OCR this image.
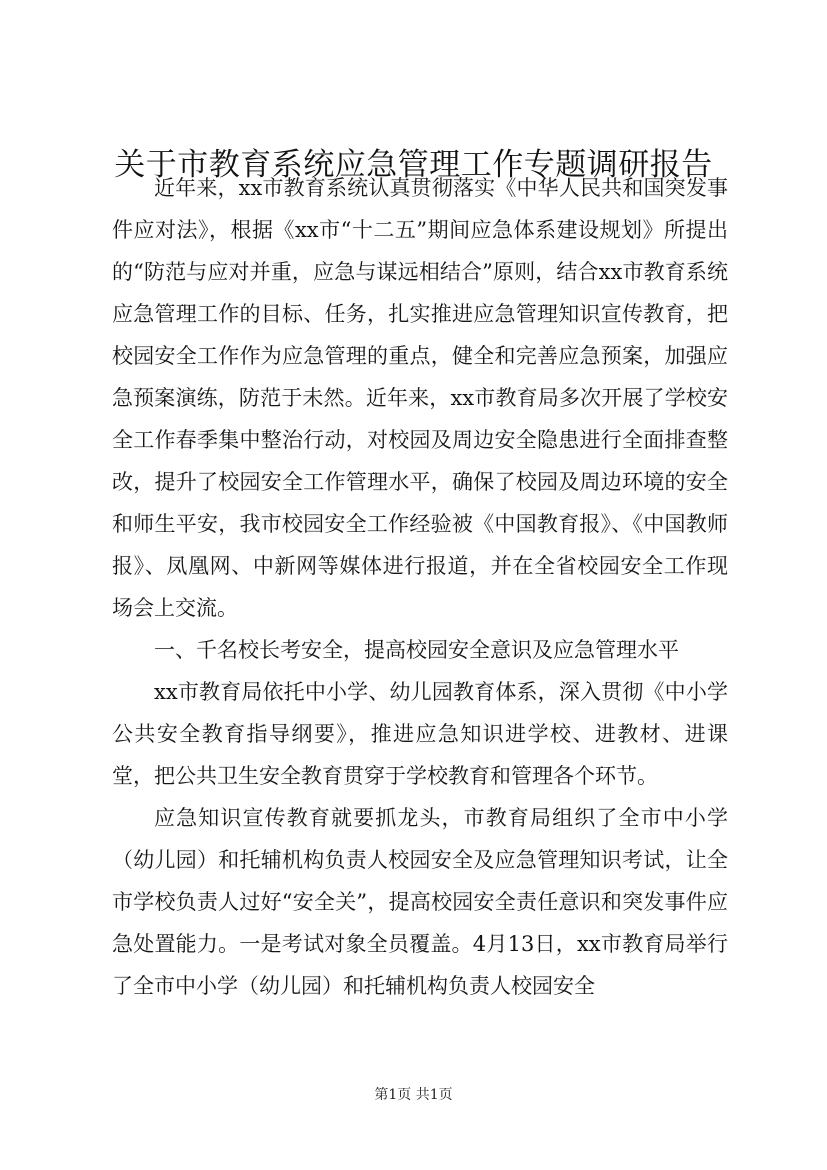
关于市教育系统应急管理工作专题调研报告

近年来，xx市教育系统认真贯彻落实《中华人民共和国突发事件应对法》，根据《xx市“十二五”期间应急体系建设规划》所提出的“防范与应对并重，应急与谋远相结合”原则，结合xx市教育系统应急管理工作的目标、任务，扎实推进应急管理知识宣传教育，把校园安全工作作为应急管理的重点，健全和完善应急预案，加强应急预案演练，防范于未然。近年来，xx市教育局多次开展了学校安全工作春季集中整治行动，对校园及周边安全隐患进行全面排查整改，提升了校园安全工作管理水平，确保了校园及周边环境的安全和师生平安，我市校园安全工作经验被《中国教育报》、《中国教师报》、凤凰网、中新网等媒体进行报道，并在全省校园安全工作现场会上交流。

一、千名校长考安全，提高校园安全意识及应急管理水平

xx市教育局依托中小学、幼儿园教育体系，深入贯彻《中小学公共安全教育指导纲要》，推进应急知识进学校、进教材、进课堂，把公共卫生安全教育贯穿于学校教育和管理各个环节。

应急知识宣传教育就要抓龙头，市教育局组织了全市中小学（幼儿园）和托辅机构负责人校园安全及应急管理知识考试，让全市学校负责人过好“安全关”，提高校园安全责任意识和突发事件应急处置能力。一是考试对象全员覆盖。4月13日，xx市教育局举行了全市中小学（幼儿园）和托辅机构负责人校园安全

第1页 共1页
